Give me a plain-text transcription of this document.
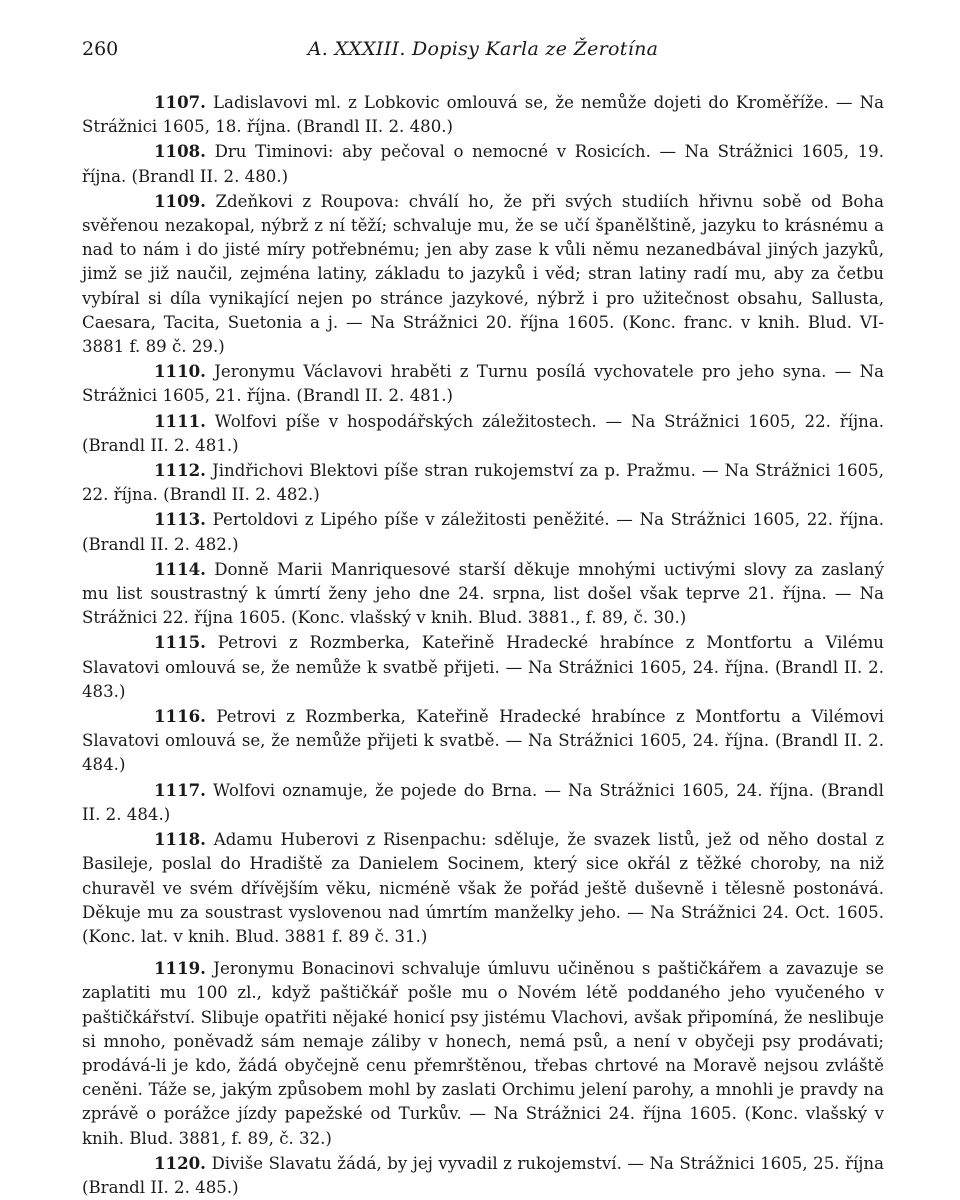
260	A. XXXIII. Dopisy Karla ze Žerotína

1107. Ladislavovi ml. z Lobkovic omlouvá se, že nemůže dojeti do Kroměříže. — Na Strážnici 1605, 18. října. (Brandl II. 2. 480.)

1108. Dru Timinovi: aby pečoval o nemocné v Rosicích. — Na Strážnici 1605, 19. října. (Brandl II. 2. 480.)

1109. Zdeňkovi z Roupova: chválí ho, že při svých studiích hřivnu sobě od Boha svěřenou nezakopal, nýbrž z ní těží; schvaluje mu, že se učí španělštině, jazyku to krásnému a nad to nám i do jisté míry potřebnému; jen aby zase k vůli němu nezanedbával jiných jazyků, jimž se již naučil, zejména latiny, základu to jazyků i věd; stran latiny radí mu, aby za četbu vybíral si díla vynikající nejen po stránce jazykové, nýbrž i pro užitečnost obsahu, Sallusta, Caesara, Tacita, Suetonia a j. — Na Strážnici 20. října 1605. (Konc. franc. v knih. Blud. VI-3881 f. 89 č. 29.)

1110. Jeronymu Václavovi hraběti z Turnu posílá vychovatele pro jeho syna. — Na Strážnici 1605, 21. října. (Brandl II. 2. 481.)

1111. Wolfovi píše v hospodářských záležitostech. — Na Strážnici 1605, 22. října. (Brandl II. 2. 481.)

1112. Jindřichovi Blektovi píše stran rukojemství za p. Pražmu. — Na Strážnici 1605, 22. října. (Brandl II. 2. 482.)

1113. Pertoldovi z Lipého píše v záležitosti peněžité. — Na Strážnici 1605, 22. října. (Brandl II. 2. 482.)

1114. Donně Marii Manriquesové starší děkuje mnohými uctivými slovy za zaslaný mu list soustrastný k úmrtí ženy jeho dne 24. srpna, list došel však teprve 21. října. — Na Strážnici 22. října 1605. (Konc. vlašský v knih. Blud. 3881., f. 89, č. 30.)

1115. Petrovi z Rozmberka, Kateřině Hradecké hrabínce z Montfortu a Vilému Slavatovi omlouvá se, že nemůže k svatbě přijeti. — Na Strážnici 1605, 24. října. (Brandl II. 2. 483.)

1116. Petrovi z Rozmberka, Kateřině Hradecké hrabínce z Montfortu a Vilémovi Slavatovi omlouvá se, že nemůže přijeti k svatbě. — Na Strážnici 1605, 24. října. (Brandl II. 2. 484.)

1117. Wolfovi oznamuje, že pojede do Brna. — Na Strážnici 1605, 24. října. (Brandl II. 2. 484.)

1118. Adamu Huberovi z Risenpachu: sděluje, že svazek listů, jež od něho dostal z Basileje, poslal do Hradiště za Danielem Socinem, který sice okřál z těžké choroby, na niž churavěl ve svém dřívějším věku, nicméně však že pořád ještě duševně i tělesně postonává. Děkuje mu za soustrast vyslovenou nad úmrtím manželky jeho. — Na Strážnici 24. Oct. 1605. (Konc. lat. v knih. Blud. 3881 f. 89 č. 31.)

1119. Jeronymu Bonacinovi schvaluje úmluvu učiněnou s paštičkářem a zavazuje se zaplatiti mu 100 zl., když paštičkář pošle mu o Novém létě poddaného jeho vyučeného v paštičkářství. Slibuje opatřiti nějaké honicí psy jistému Vlachovi, avšak připomíná, že neslibuje si mnoho, poněvadž sám nemaje záliby v honech, nemá psů, a není v obyčeji psy prodávati; prodává-li je kdo, žádá obyčejně cenu přemrštěnou, třebas chrtové na Moravě nejsou zvláště ceněni. Táže se, jakým způsobem mohl by zaslati Orchimu jelení parohy, a mnohli je pravdy na zprávě o porážce jízdy papežské od Turkův. — Na Strážnici 24. října 1605. (Konc. vlašský v knih. Blud. 3881, f. 89, č. 32.)

1120. Diviše Slavatu žádá, by jej vyvadil z rukojemství. — Na Strážnici 1605, 25. října (Brandl II. 2. 485.)
